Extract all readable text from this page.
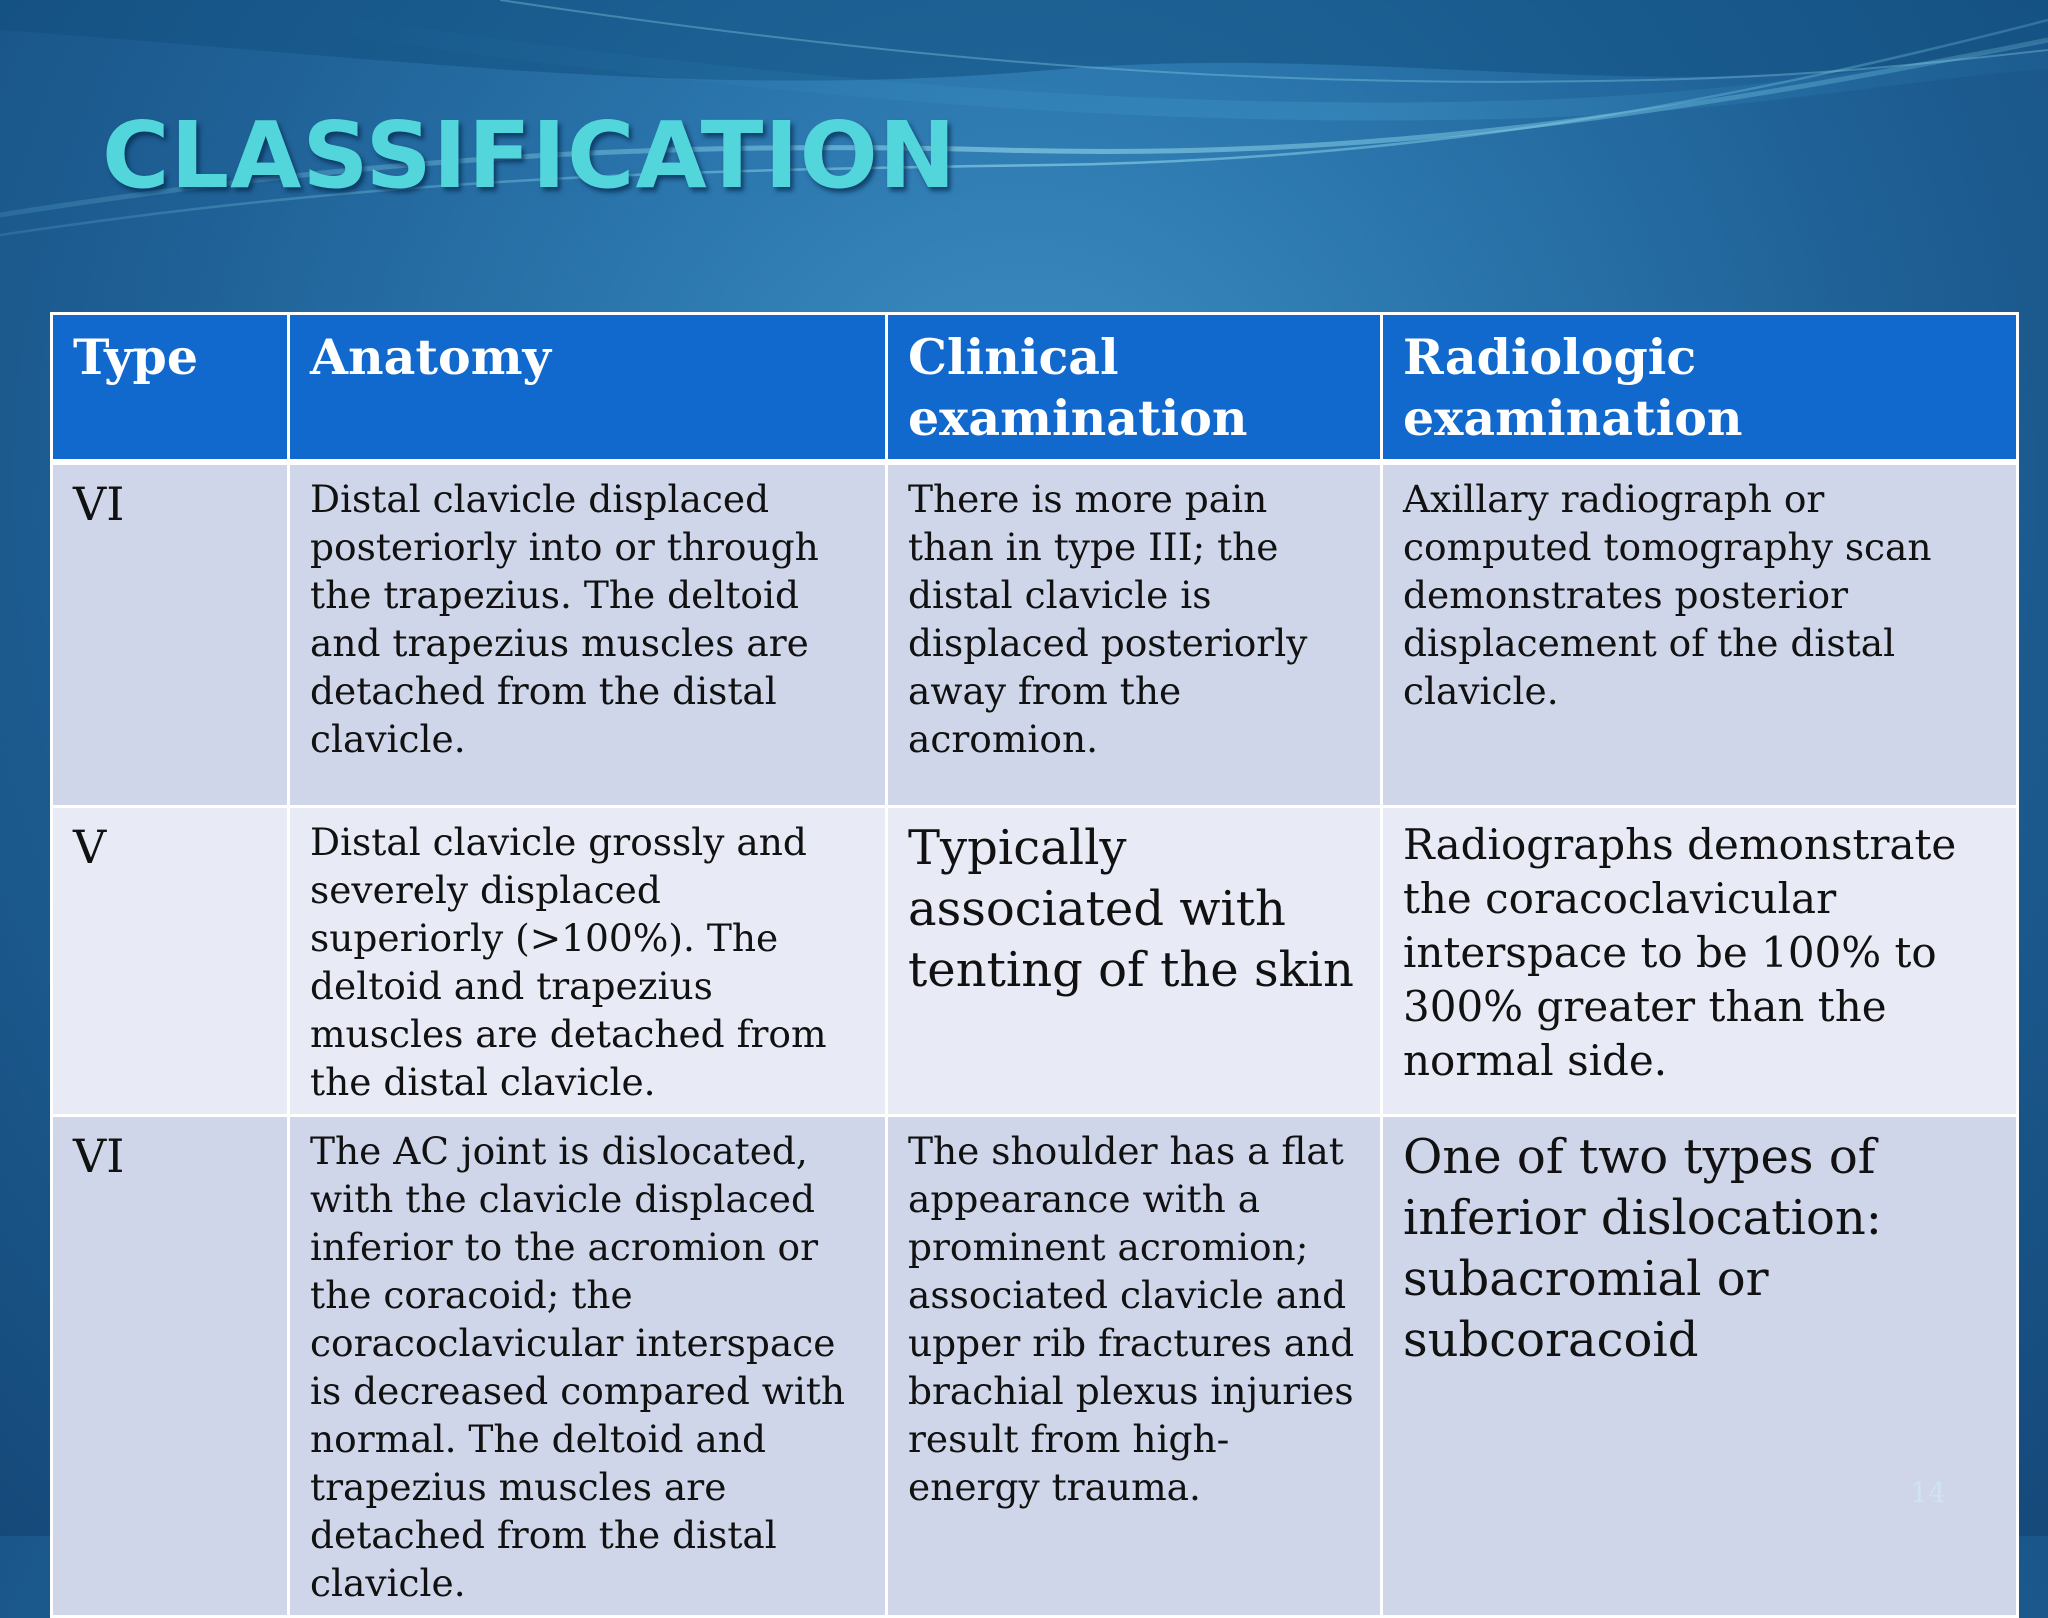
CLASSIFICATION
Type	Anatomy	Clinical examination	Radiologic examination
VI	Distal clavicle displaced posteriorly into or through the trapezius. The deltoid and trapezius muscles are detached from the distal clavicle.	There is more pain than in type III; the distal clavicle is displaced posteriorly away from the acromion.	Axillary radiograph or computed tomography scan demonstrates posterior displacement of the distal clavicle.
V	Distal clavicle grossly and severely displaced superiorly (>100%). The deltoid and trapezius muscles are detached from the distal clavicle.	Typically associated with tenting of the skin	Radiographs demonstrate the coracoclavicular interspace to be 100% to 300% greater than the normal side.
VI	The AC joint is dislocated, with the clavicle displaced inferior to the acromion or the coracoid; the coracoclavicular interspace is decreased compared with normal. The deltoid and trapezius muscles are detached from the distal clavicle.	The shoulder has a flat appearance with a prominent acromion; associated clavicle and upper rib fractures and brachial plexus injuries result from high-energy trauma.	One of two types of inferior dislocation: subacromial or subcoracoid
14
